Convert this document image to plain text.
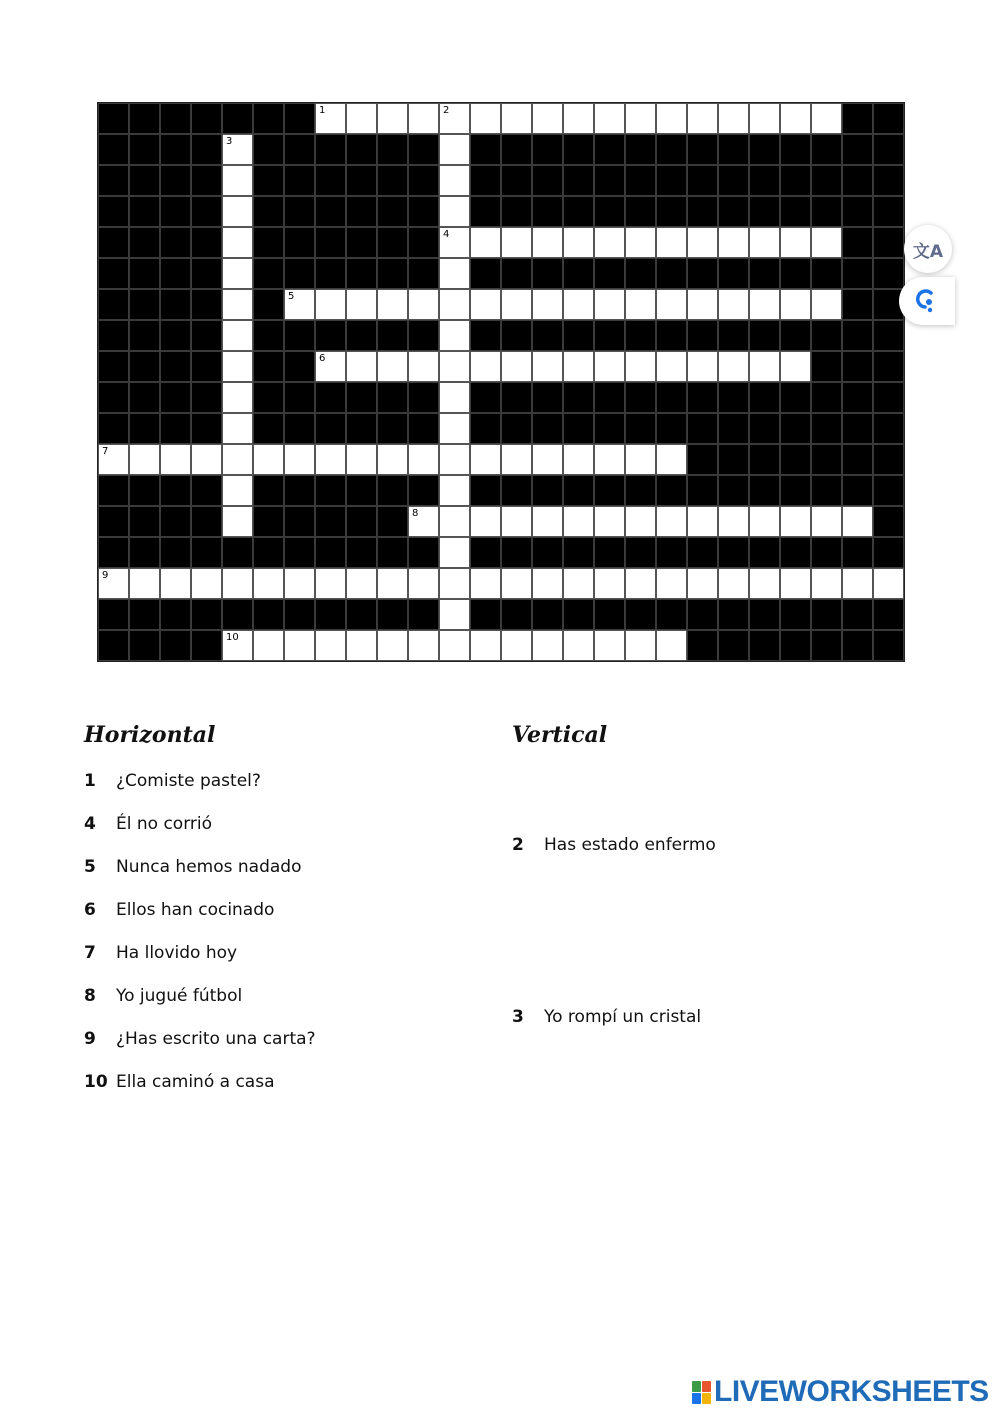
1	2
3
4
5
6
7
8
9
10
Horizontal	Vertical
1 ¿Comiste pastel?
4 Él no corrió
5 Nunca hemos nadado
6 Ellos han cocinado
7 Ha llovido hoy
8 Yo jugué fútbol
9 ¿Has escrito una carta?
10 Ella caminó a casa
2 Has estado enfermo
3 Yo rompí un cristal
文A
LIVEWORKSHEETS
